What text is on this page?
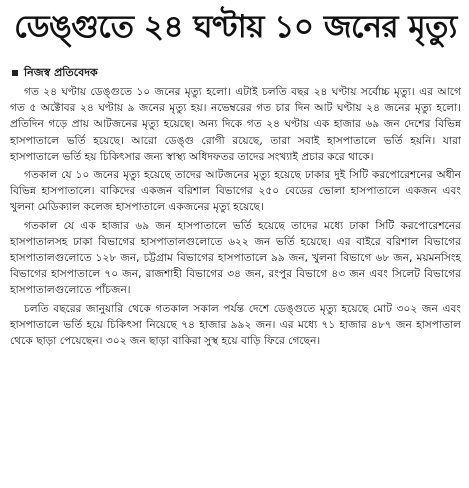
ডেঙ্গুতে ২৪ ঘণ্টায় ১০ জনের মৃত্যু
নিজস্ব প্রতিবেদক

গত ২৪ ঘণ্টায় ডেঙ্গুতে ১০ জনের মৃত্যু হলো। এটাই চলতি বছর ২৪ ঘণ্টায় সর্বোচ্চ মৃত্যু। এর আগে গত ৫ অক্টোবর ২৪ ঘণ্টায় ৯ জনের মৃত্যু হয়। নভেম্বরের গত চার দিন আট ঘণ্টায় ২৪ জনের মৃত্যু হলো। প্রতিদিন গড়ে প্রায় আটজনের মৃত্যু হয়েছে। অন্য দিকে গত ২৪ ঘণ্টায় এক হাজার ৬৯ জন দেশের বিভিন্ন হাসপাতালে ভর্তি হয়েছে। আরো ডেঙ্গু রোগী রয়েছে, তারা সবাই হাসপাতালে ভর্তি হয়নি। যারা হাসপাতালে ভর্তি হয় চিকিৎসার জন্য স্বাস্থ্য অধিদফতর তাদের সংখ্যাই প্রচার করে থাকে।

গতকাল যে ১০ জনের মৃত্যু হয়েছে তাদের আটজনের মৃত্যু হয়েছে ঢাকার দুই সিটি করপোরেশনের অধীন বিভিন্ন হাসপাতালে। বাকিদের একজন বরিশাল বিভাগের ২৫০ বেডের ভোলা হাসপাতালে একজন এবং খুলনা মেডিক্যাল কলেজ হাসপাতালে একজনের মৃত্যু হয়েছে।

গতকাল যে এক হাজার ৬৯ জন হাসপাতালে ভর্তি হয়েছে তাদের মধ্যে ঢাকা সিটি করপোরেশনের হাসপাতালসহ ঢাকা বিভাগের হাসপাতালগুলোতে ৬২২ জন ভর্তি হয়েছে। এর বাইরে বরিশাল বিভাগের হাসপাতালগুলোতে ১২৮ জন, চট্টগ্রাম বিভাগের হাসপাতালে ৯৯ জন, খুলনা বিভাগে ৬৮ জন, ময়মনসিংহ বিভাগের হাসপাতালে ৭০ জন, রাজশাহী বিভাগের ৩৪ জন, রংপুর বিভাগে ৪৩ জন এবং সিলেট বিভাগের হাসপাতালগুলোতে পাঁচজন।

চলতি বছরের জানুয়ারি থেকে গতকাল সকাল পর্যন্ত দেশে ডেঙ্গুতে মৃত্যু হয়েছে মোট ৩০২ জন এবং হাসপাতালে ভর্তি হয়ে চিকিৎসা নিয়েছে ৭৪ হাজার ৯৯২ জন। এর মধ্যে ৭১ হাজার ৪৮৭ জন হাসপাতাল থেকে ছাড়া পেয়েছেন। ৩০২ জন ছাড়া বাকিরা সুস্থ হয়ে বাড়ি ফিরে গেছেন।
